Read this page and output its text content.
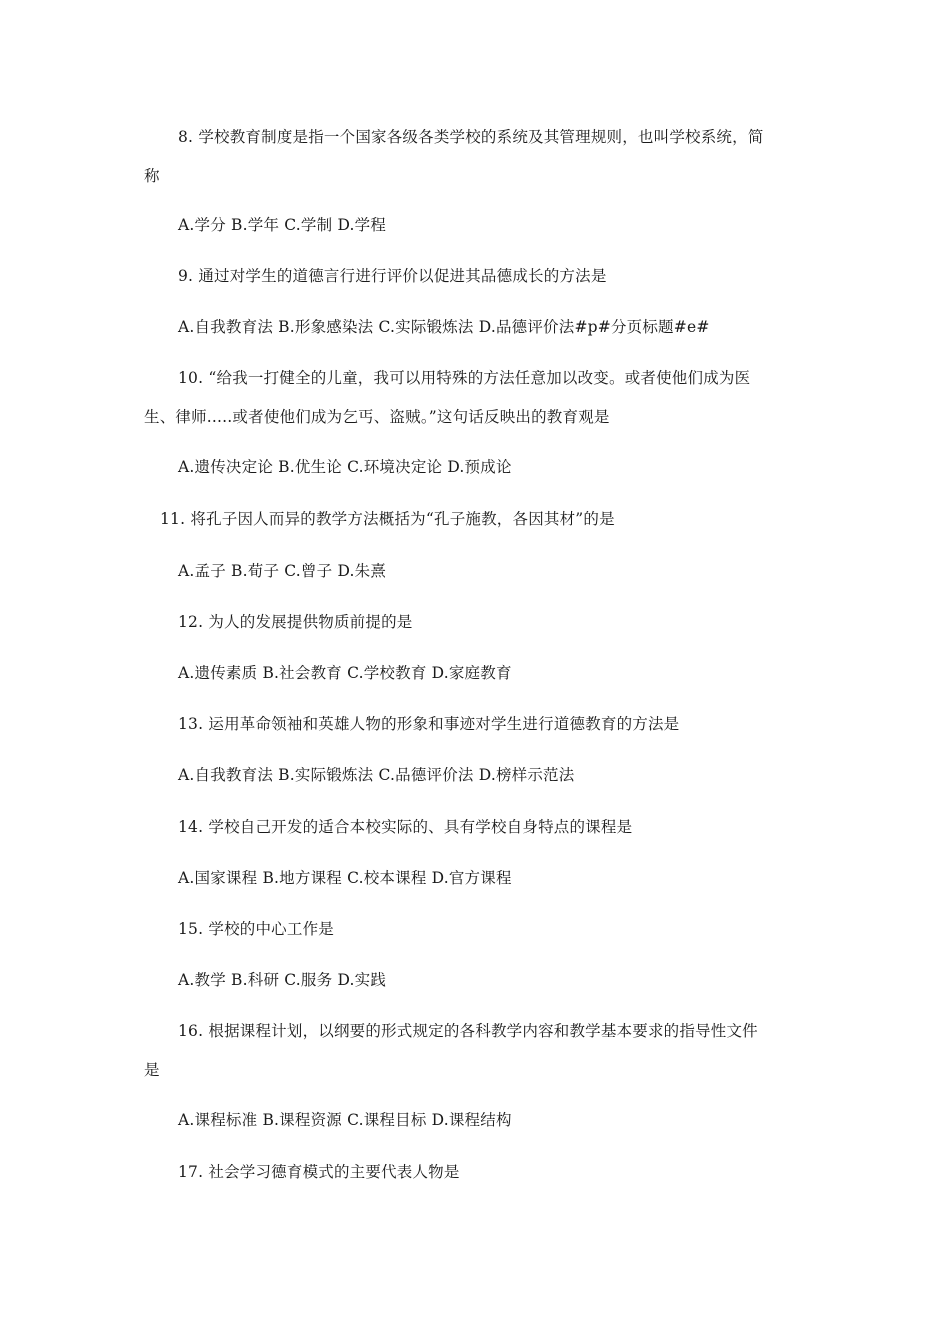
8. 学校教育制度是指一个国家各级各类学校的系统及其管理规则，也叫学校系统，简
称
A.学分 B.学年 C.学制 D.学程
9. 通过对学生的道德言行进行评价以促进其品德成长的方法是
A.自我教育法 B.形象感染法 C.实际锻炼法 D.品德评价法#p#分页标题#e#
10. “给我一打健全的儿童，我可以用特殊的方法任意加以改变。或者使他们成为医
生、律师.....或者使他们成为乞丐、盗贼。”这句话反映出的教育观是
A.遗传决定论 B.优生论 C.环境决定论 D.预成论
11. 将孔子因人而异的教学方法概括为“孔子施教，各因其材”的是
A.孟子 B.荀子 C.曾子 D.朱熹
12. 为人的发展提供物质前提的是
A.遗传素质 B.社会教育 C.学校教育 D.家庭教育
13. 运用革命领袖和英雄人物的形象和事迹对学生进行道德教育的方法是
A.自我教育法 B.实际锻炼法 C.品德评价法 D.榜样示范法
14. 学校自己开发的适合本校实际的、具有学校自身特点的课程是
A.国家课程 B.地方课程 C.校本课程 D.官方课程
15. 学校的中心工作是
A.教学 B.科研 C.服务 D.实践
16. 根据课程计划，以纲要的形式规定的各科教学内容和教学基本要求的指导性文件
是
A.课程标准 B.课程资源 C.课程目标 D.课程结构
17. 社会学习德育模式的主要代表人物是
